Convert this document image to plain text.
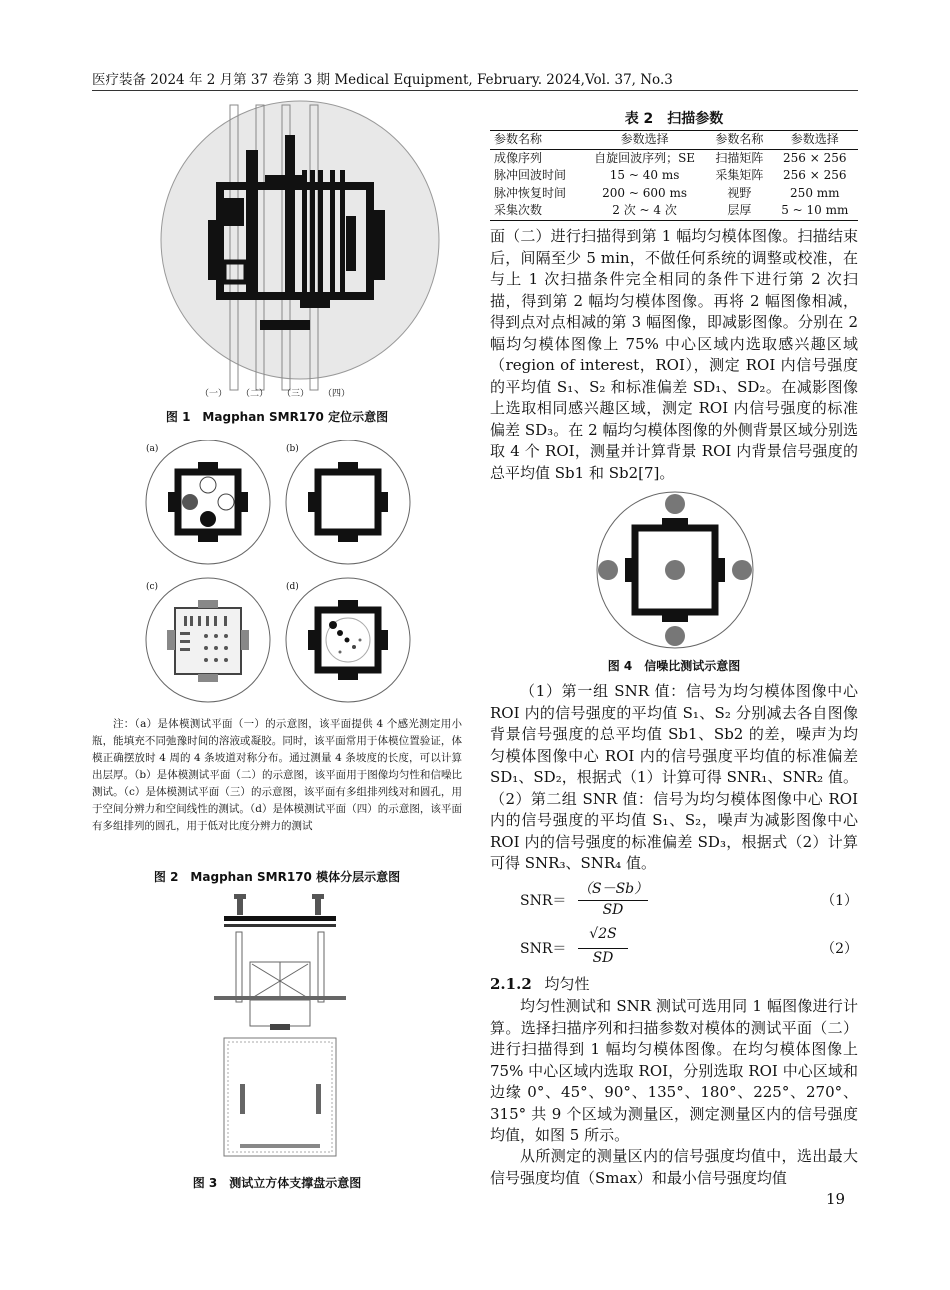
医疗装备 2024 年 2 月第 37 卷第 3 期 Medical Equipment, February. 2024,Vol. 37, No.3
（一） （二） （三） （四）
图 1　Magphan SMR170 定位示意图
(a)	(b)
(c)	(d)
注：（a）是体模测试平面（一）的示意图，该平面提供 4 个感光测定用小瓶，能填充不同弛豫时间的溶液或凝胶。同时，该平面常用于体模位置验证，体模正确摆放时 4 周的 4 条坡道对称分布。通过测量 4 条坡度的长度，可以计算出层厚。（b）是体模测试平面（二）的示意图，该平面用于图像均匀性和信噪比测试。（c）是体模测试平面（三）的示意图，该平面有多组排列线对和圆孔，用于空间分辨力和空间线性的测试。（d）是体模测试平面（四）的示意图，该平面有多组排列的圆孔，用于低对比度分辨力的测试
图 2　Magphan SMR170 模体分层示意图
图 3　测试立方体支撑盘示意图
表 2　扫描参数
参数名称	参数选择	参数名称	参数选择
成像序列	自旋回波序列；SE	扫描矩阵	256 × 256
脉冲回波时间	15 ~ 40 ms	采集矩阵	256 × 256
脉冲恢复时间	200 ~ 600 ms	视野	250 mm
采集次数	2 次 ~ 4 次	层厚	5 ~ 10 mm

面（二）进行扫描得到第 1 幅均匀模体图像。扫描结束后，间隔至少 5 min，不做任何系统的调整或校准，在与上 1 次扫描条件完全相同的条件下进行第 2 次扫描，得到第 2 幅均匀模体图像。再将 2 幅图像相减，得到点对点相减的第 3 幅图像，即减影图像。分别在 2 幅均匀模体图像上 75% 中心区域内选取感兴趣区域（region of interest，ROI），测定 ROI 内信号强度的平均值 S₁、S₂ 和标准偏差 SD₁、SD₂。在减影图像上选取相同感兴趣区域，测定 ROI 内信号强度的标准偏差 SD₃。在 2 幅均匀模体图像的外侧背景区域分别选取 4 个 ROI，测量并计算背景 ROI 内背景信号强度的总平均值 Sb1 和 Sb2[7]。

图 4　信噪比测试示意图

（1）第一组 SNR 值：信号为均匀模体图像中心 ROI 内的信号强度的平均值 S₁、S₂ 分别减去各自图像背景信号强度的总平均值 Sb1、Sb2 的差，噪声为均匀模体图像中心 ROI 内的信号强度平均值的标准偏差 SD₁、SD₂，根据式（1）计算可得 SNR₁、SNR₂ 值。（2）第二组 SNR 值：信号为均匀模体图像中心 ROI 内的信号强度的平均值 S₁、S₂，噪声为减影图像中心 ROI 内的信号强度的标准偏差 SD₃，根据式（2）计算可得 SNR₃、SNR₄ 值。

SNR＝
（S－Sb）
SD
（1）
SNR＝
√2S
SD
（2）
2.1.2 均匀性

均匀性测试和 SNR 测试可选用同 1 幅图像进行计算。选择扫描序列和扫描参数对模体的测试平面（二）进行扫描得到 1 幅均匀模体图像。在均匀模体图像上 75% 中心区域内选取 ROI，分别选取 ROI 中心区域和边缘 0°、45°、90°、135°、180°、225°、270°、315° 共 9 个区域为测量区，测定测量区内的信号强度均值，如图 5 所示。

从所测定的测量区内的信号强度均值中，选出最大信号强度均值（Smax）和最小信号强度均值

19
